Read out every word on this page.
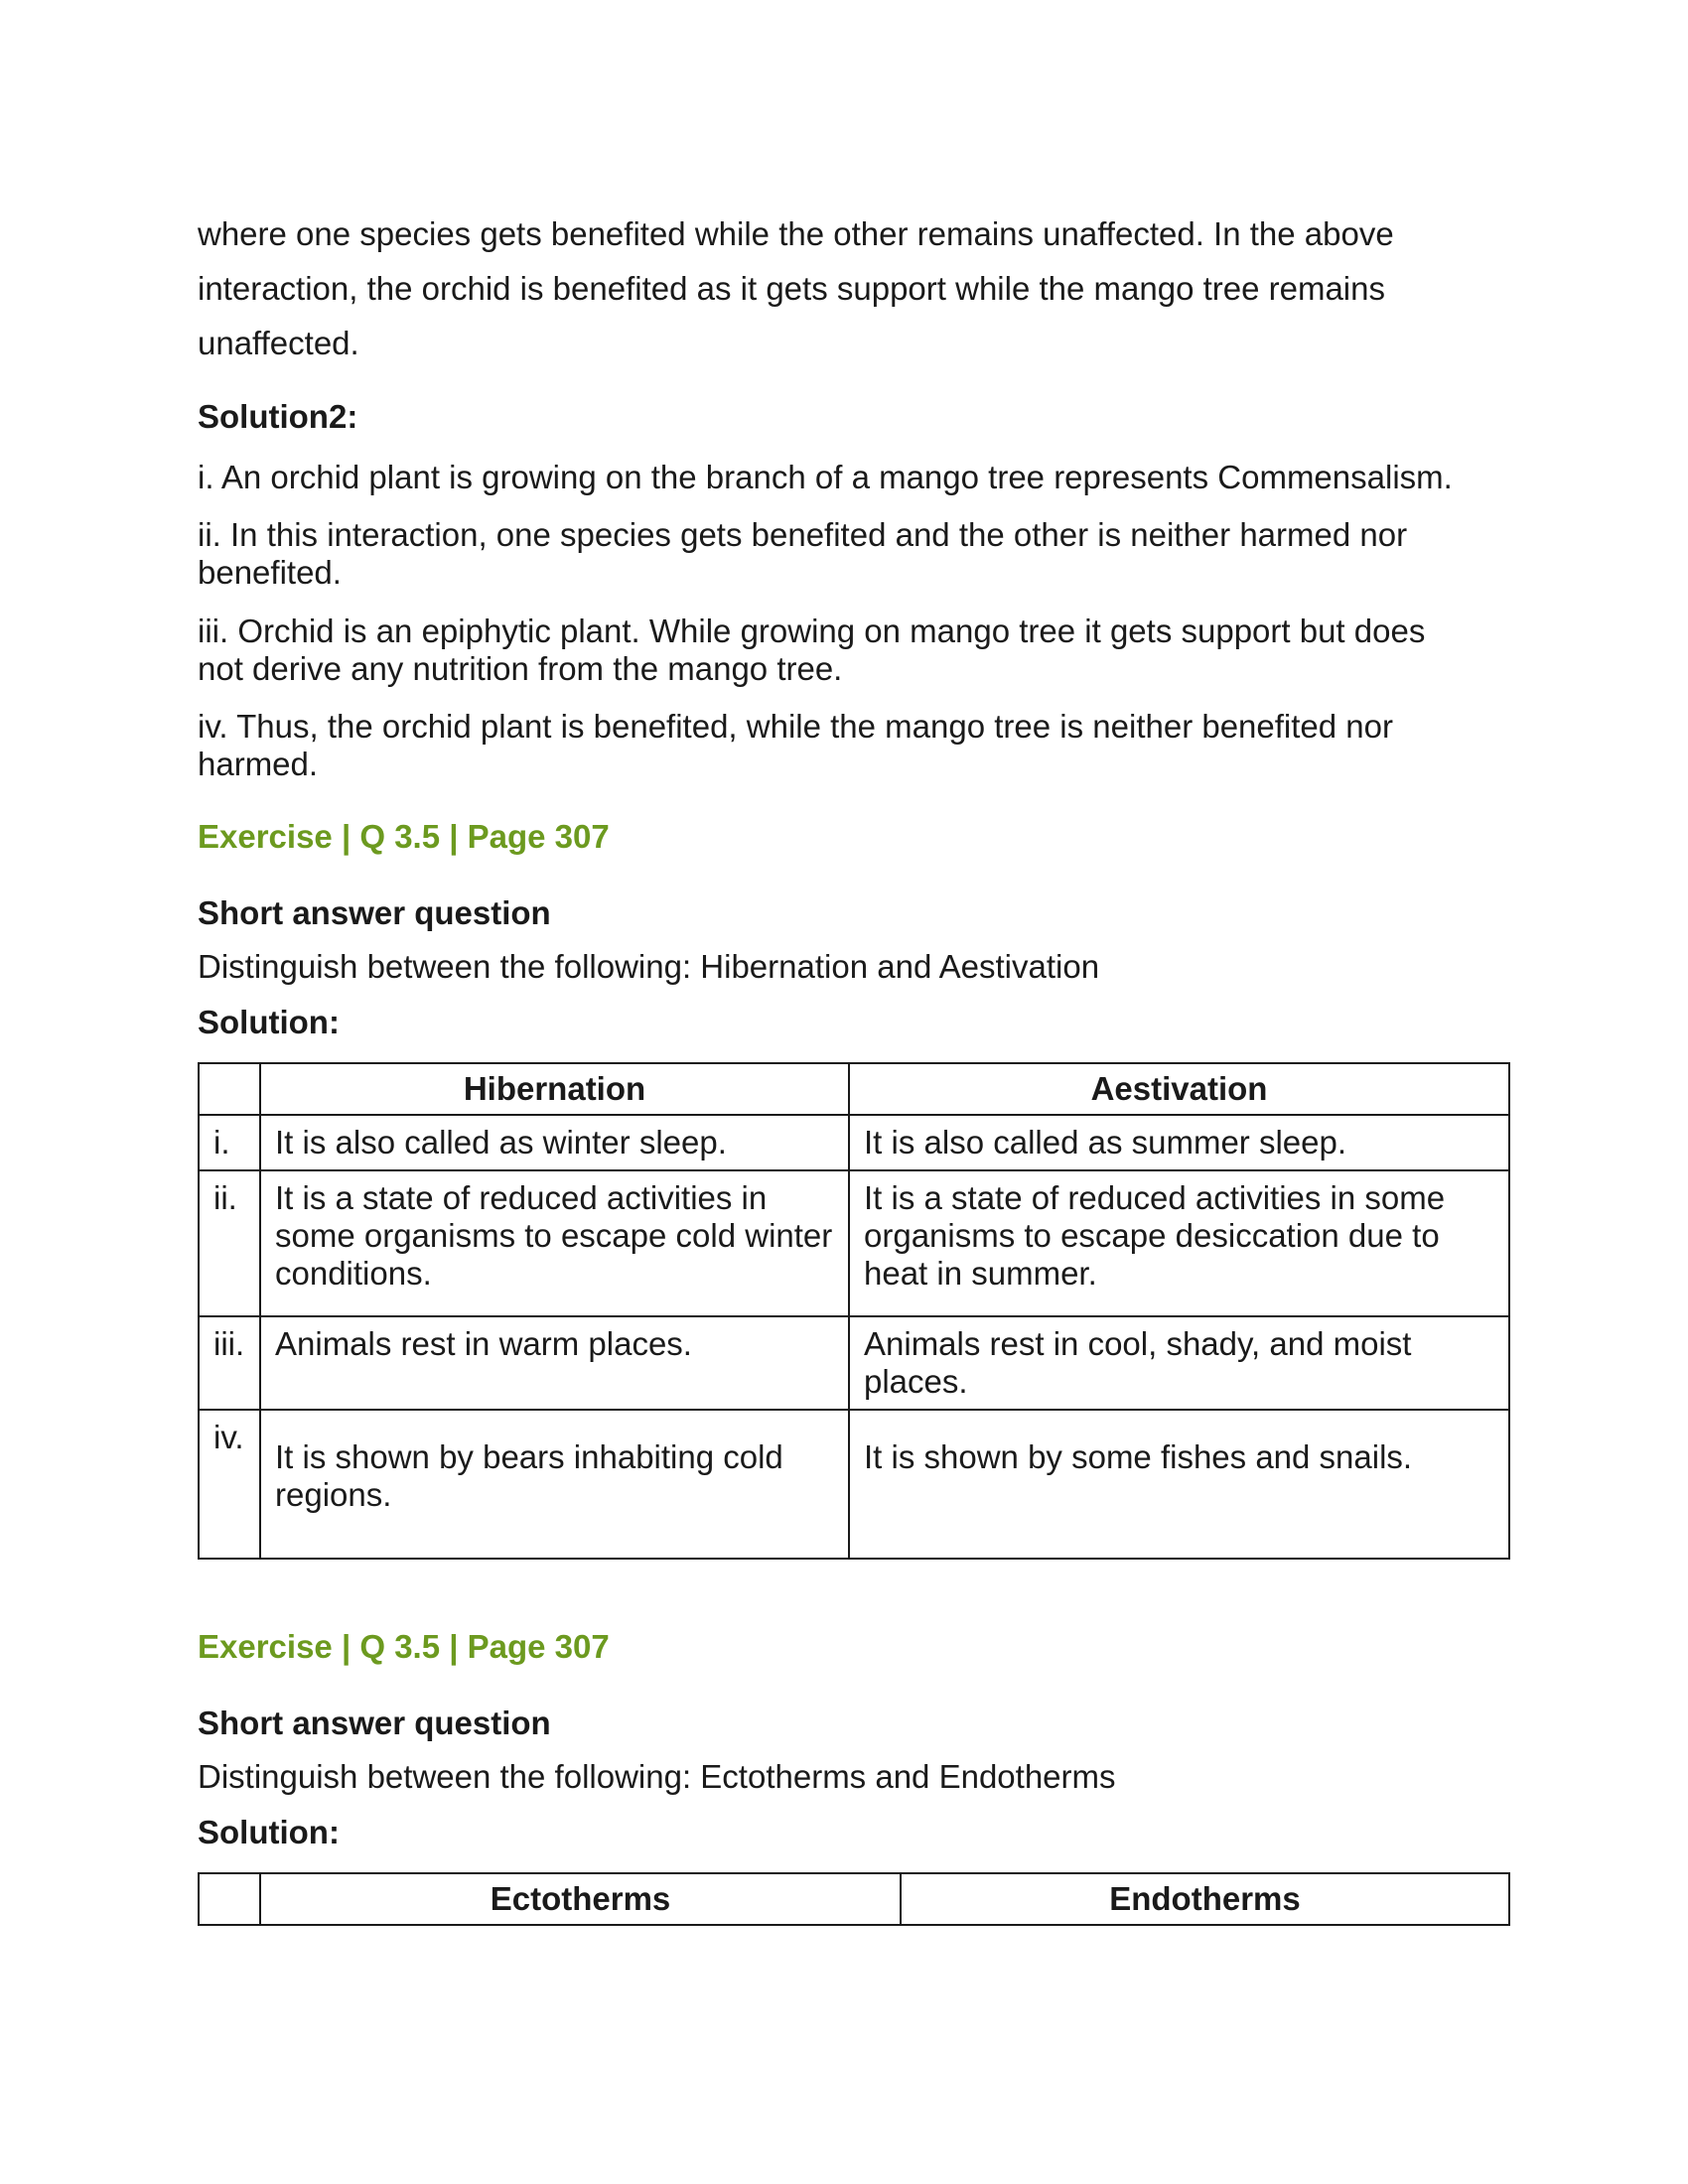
where one species gets benefited while the other remains unaffected. In the above

interaction, the orchid is benefited as it gets support while the mango tree remains

unaffected.

Solution2:

i. An orchid plant is growing on the branch of a mango tree represents Commensalism.

ii. In this interaction, one species gets benefited and the other is neither harmed nor benefited.

iii. Orchid is an epiphytic plant. While growing on mango tree it gets support but does not derive any nutrition from the mango tree.

iv. Thus, the orchid plant is benefited, while the mango tree is neither benefited nor harmed.

Exercise | Q 3.5 | Page 307

Short answer question

Distinguish between the following: Hibernation and Aestivation

Solution:

	Hibernation	Aestivation
i.	It is also called as winter sleep.	It is also called as summer sleep.
ii.	It is a state of reduced activities in some organisms to escape cold winter conditions.	It is a state of reduced activities in some organisms to escape desiccation due to heat in summer.
iii.	Animals rest in warm places.	Animals rest in cool, shady, and moist places.
iv.	It is shown by bears inhabiting cold regions.	It is shown by some fishes and snails.

Exercise | Q 3.5 | Page 307

Short answer question

Distinguish between the following: Ectotherms and Endotherms

Solution:

	Ectotherms	Endotherms
